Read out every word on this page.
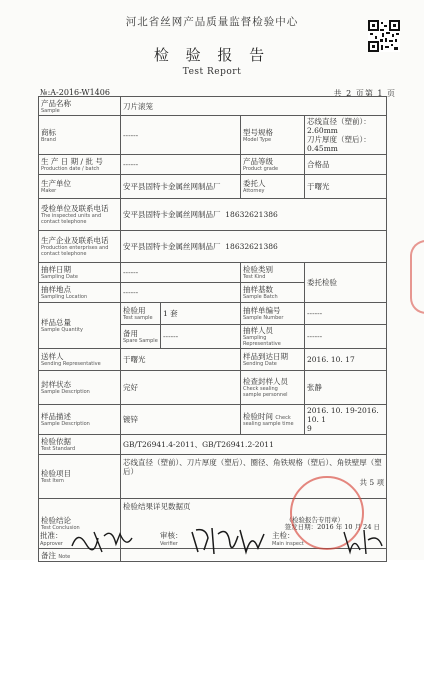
河北省丝网产品质量监督检验中心
检 验 报 告
Test Report
№:A-2016-W1406	共 2 页第 1 页
产品名称
Sample	刀片滚笼			

商标
Brand	------		型号规格
Model Type	芯线直径（塑前）：2.60mm
刀片厚度（塑后）：0.45mm

生 产 日 期 / 批 号
Production date / batch	------		产品等级
Product grade	合格品

生产单位
Maker	安平县固特卡金属丝网制品厂		委托人
Attorney	于曙光

受检单位及联系电话
The inspected units and contact telephone	安平县固特卡金属丝网制品厂 18632621386			

生产企业及联系电话
Production enterprises and contact telephone	安平县固特卡金属丝网制品厂 18632621386			

抽样日期
Sampling Date	------		检验类别
Test Kind	委托检验

抽样地点
Sampling Location	------		抽样基数
Sample Batch	

样品总量
Sample Quantity	检验用
Test sample	1 套	抽样单编号
Sample Number	------

	备用
Spare Sample	------	抽样人员
Sampling Representative	------

送样人
Sending Representative	于曙光		样品到达日期
Sending Date	2016. 10. 17

封样状态
Sample Description	完好		检查封样人员
Check sealing
sample personnel	张静

样品描述
Sample Description	镀锌		检验时间 Check
sealing sample time	2016. 10. 19-2016. 10. 1
9

检验依据
Test Standard	GB/T26941.4-2011、GB/T26941.2-2011			

检验项目
Test Item	芯线直径（塑前）、刀片厚度（塑后）、圈径、角铁规格（塑后）、角铁壁厚（塑后）
共 5 项			

检验结论
Test Conclusion	检验结果详见数据页
（检验报告专用章）
签发日期：2016 年 10 月 24 日			

备注 Note				
批准：
Approver
审核：
Verifier
主检：
Main inspect
